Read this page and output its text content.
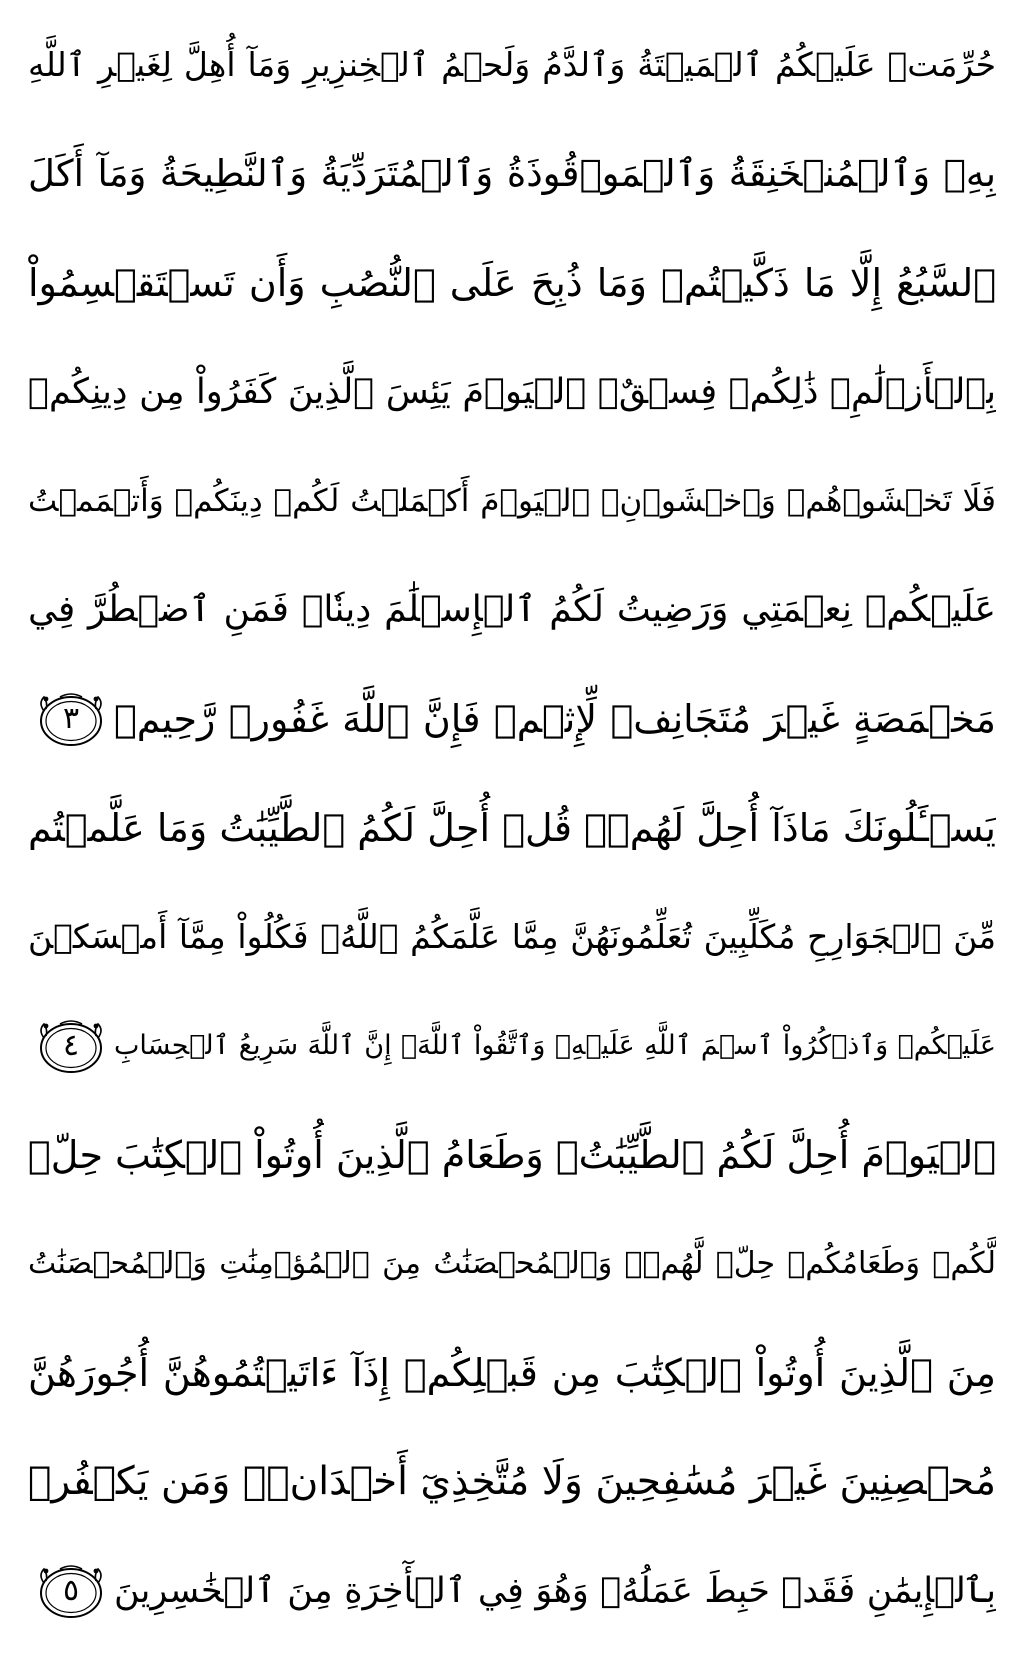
حُرِّمَتۡ عَلَيۡكُمُ ٱلۡمَيۡتَةُ وَٱلدَّمُ وَلَحۡمُ ٱلۡخِنزِيرِ وَمَآ أُهِلَّ لِغَيۡرِ ٱللَّهِ
بِهِۦ وَٱلۡمُنۡخَنِقَةُ وَٱلۡمَوۡقُوذَةُ وَٱلۡمُتَرَدِّيَةُ وَٱلنَّطِيحَةُ وَمَآ أَكَلَ
ٱلسَّبُعُ إِلَّا مَا ذَكَّيۡتُمۡ وَمَا ذُبِحَ عَلَى ٱلنُّصُبِ وَأَن تَسۡتَقۡسِمُواْ
بِٱلۡأَزۡلَٰمِۚ ذَٰلِكُمۡ فِسۡقٌۗ ٱلۡيَوۡمَ يَئِسَ ٱلَّذِينَ كَفَرُواْ مِن دِينِكُمۡ
فَلَا تَخۡشَوۡهُمۡ وَٱخۡشَوۡنِۚ ٱلۡيَوۡمَ أَكۡمَلۡتُ لَكُمۡ دِينَكُمۡ وَأَتۡمَمۡتُ
عَلَيۡكُمۡ نِعۡمَتِي وَرَضِيتُ لَكُمُ ٱلۡإِسۡلَٰمَ دِينٗاۚ فَمَنِ ٱضۡطُرَّ فِي
مَخۡمَصَةٍ غَيۡرَ مُتَجَانِفٖ لِّإِثۡمٖ فَإِنَّ ٱللَّهَ غَفُورٞ رَّحِيمٞ
٣
يَسۡـَٔلُونَكَ مَاذَآ أُحِلَّ لَهُمۡۖ قُلۡ أُحِلَّ لَكُمُ ٱلطَّيِّبَٰتُ وَمَا عَلَّمۡتُم
مِّنَ ٱلۡجَوَارِحِ مُكَلِّبِينَ تُعَلِّمُونَهُنَّ مِمَّا عَلَّمَكُمُ ٱللَّهُۖ فَكُلُواْ مِمَّآ أَمۡسَكۡنَ
عَلَيۡكُمۡ وَٱذۡكُرُواْ ٱسۡمَ ٱللَّهِ عَلَيۡهِۖ وَٱتَّقُواْ ٱللَّهَۚ إِنَّ ٱللَّهَ سَرِيعُ ٱلۡحِسَابِ
٤
ٱلۡيَوۡمَ أُحِلَّ لَكُمُ ٱلطَّيِّبَٰتُۖ وَطَعَامُ ٱلَّذِينَ أُوتُواْ ٱلۡكِتَٰبَ حِلّٞ
لَّكُمۡ وَطَعَامُكُمۡ حِلّٞ لَّهُمۡۖ وَٱلۡمُحۡصَنَٰتُ مِنَ ٱلۡمُؤۡمِنَٰتِ وَٱلۡمُحۡصَنَٰتُ
مِنَ ٱلَّذِينَ أُوتُواْ ٱلۡكِتَٰبَ مِن قَبۡلِكُمۡ إِذَآ ءَاتَيۡتُمُوهُنَّ أُجُورَهُنَّ
مُحۡصِنِينَ غَيۡرَ مُسَٰفِحِينَ وَلَا مُتَّخِذِيٓ أَخۡدَانٖۗ وَمَن يَكۡفُرۡ
بِٱلۡإِيمَٰنِ فَقَدۡ حَبِطَ عَمَلُهُۥ وَهُوَ فِي ٱلۡأٓخِرَةِ مِنَ ٱلۡخَٰسِرِينَ
٥
